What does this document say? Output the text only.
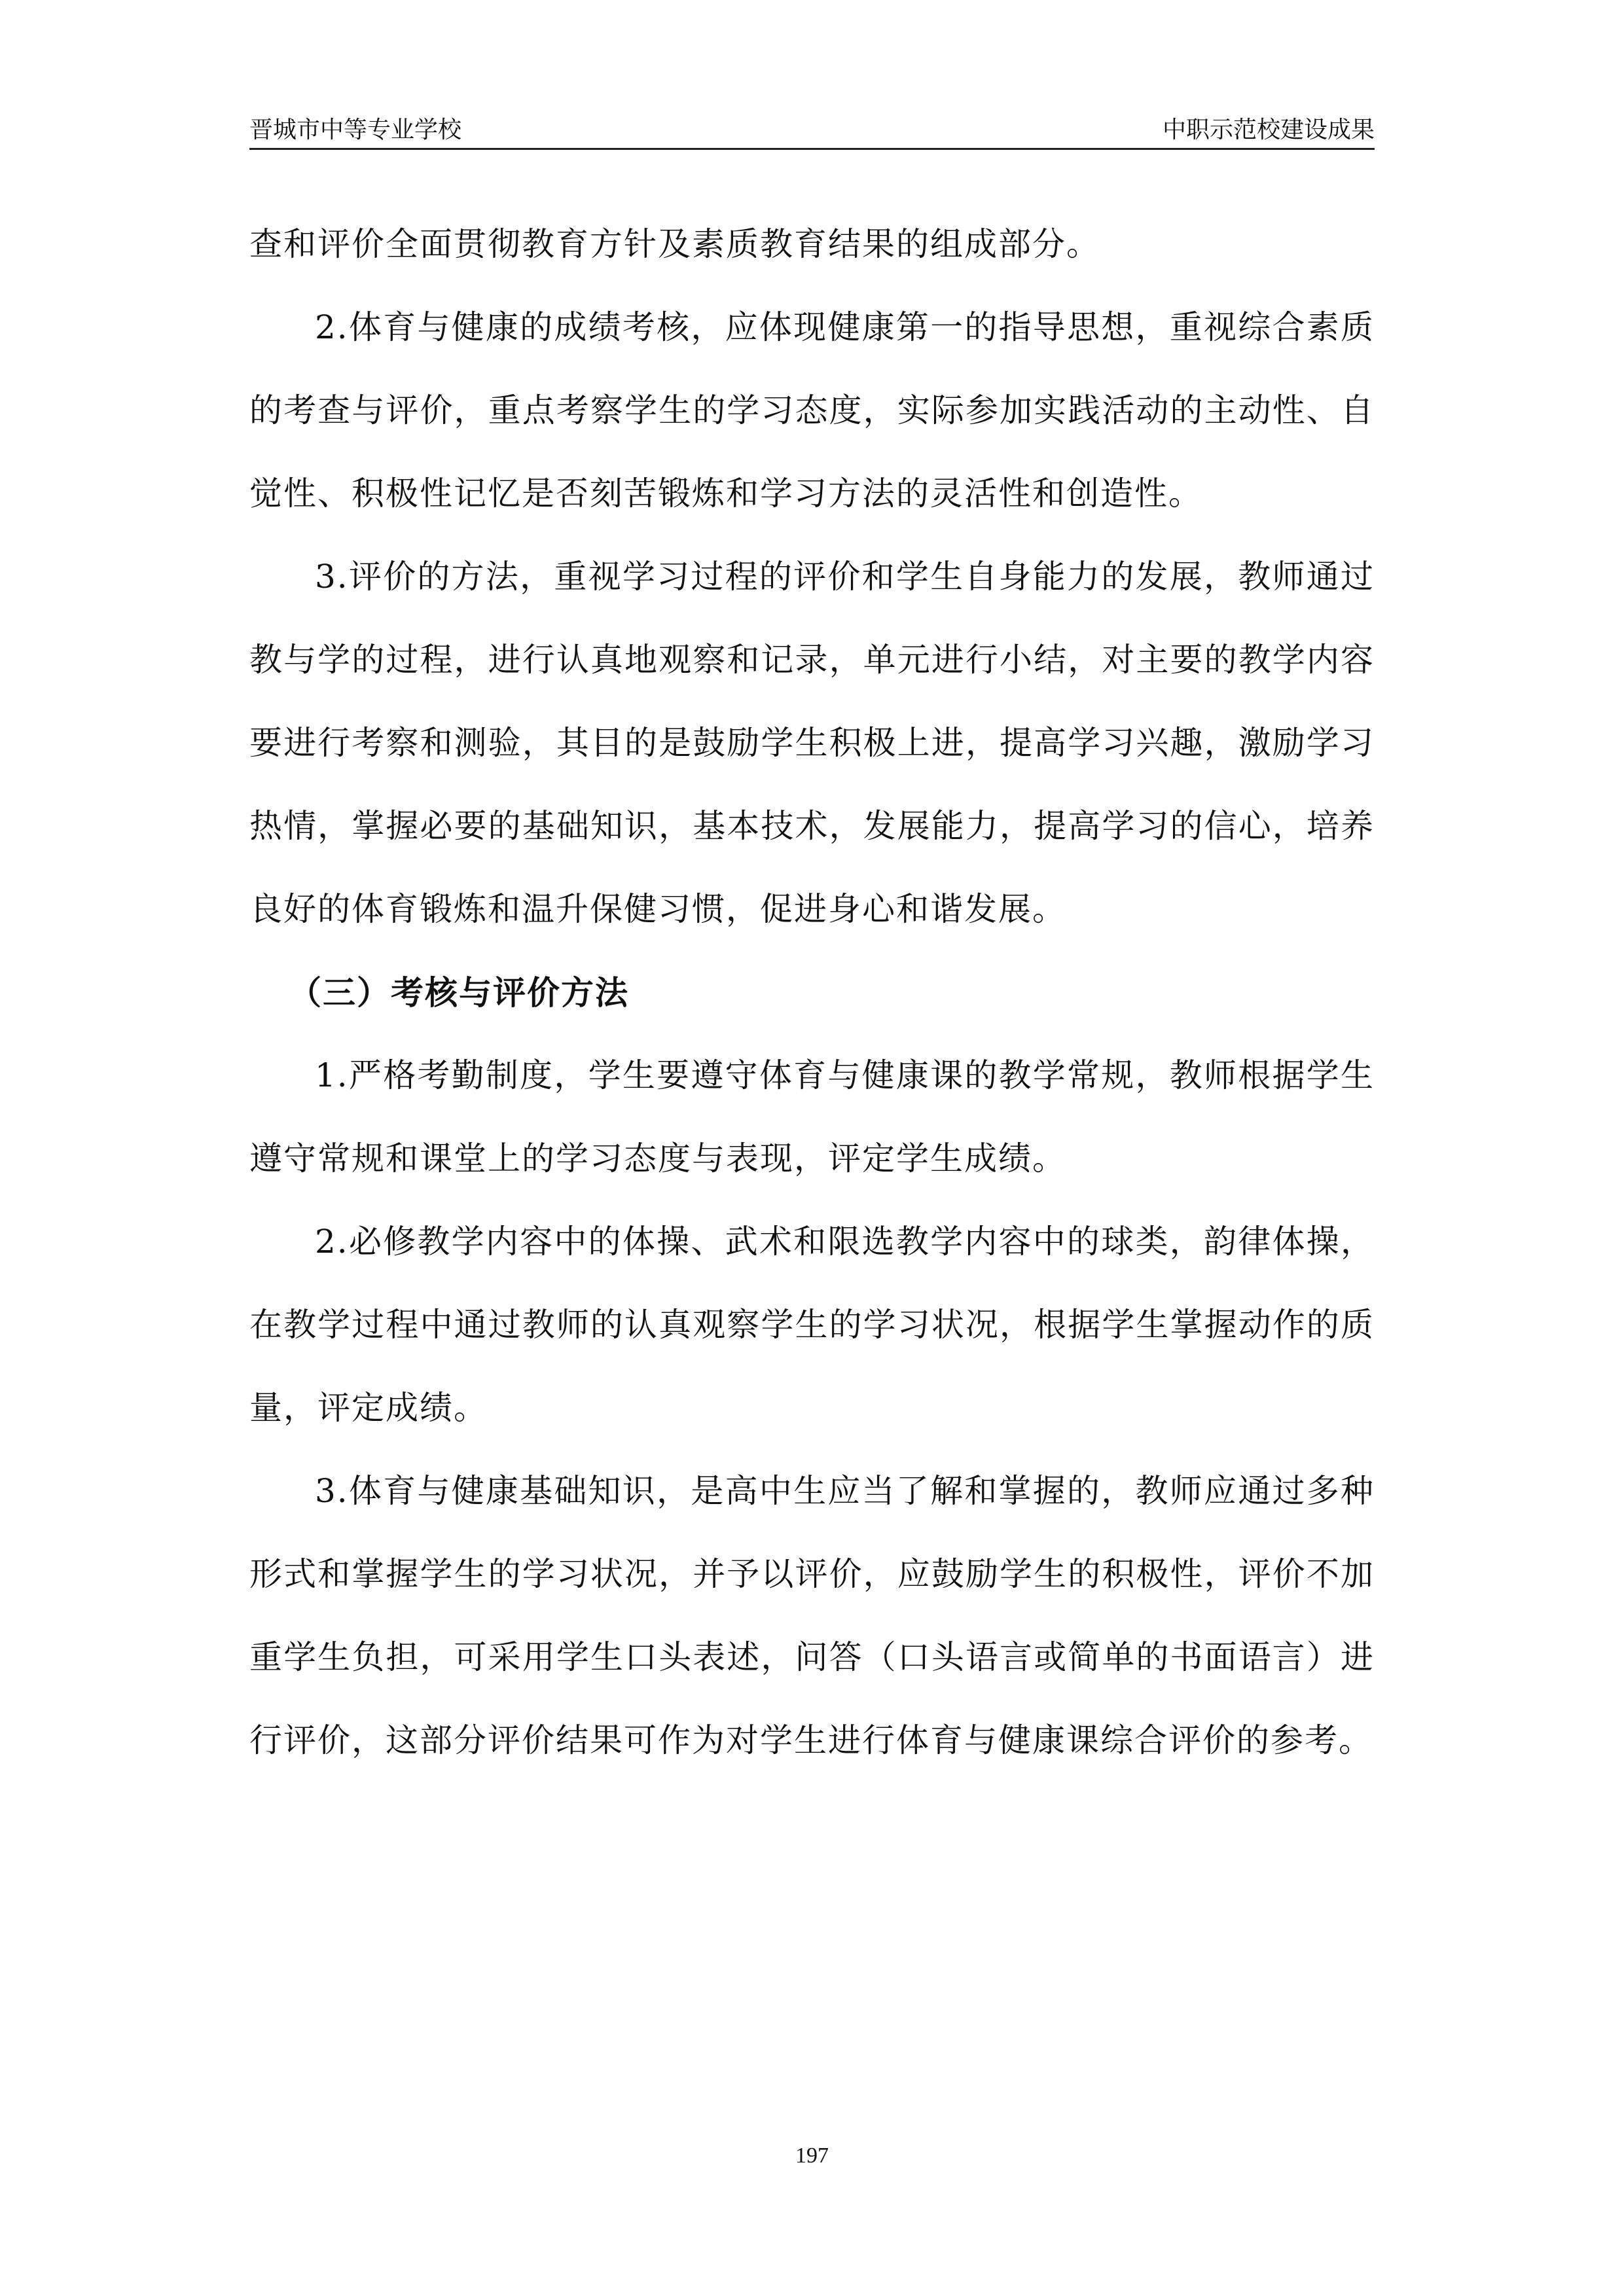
晋城市中等专业学校	中职示范校建设成果

查和评价全面贯彻教育方针及素质教育结果的组成部分。

2.体育与健康的成绩考核，应体现健康第一的指导思想，重视综合素质的考查与评价，重点考察学生的学习态度，实际参加实践活动的主动性、自觉性、积极性记忆是否刻苦锻炼和学习方法的灵活性和创造性。

3.评价的方法，重视学习过程的评价和学生自身能力的发展，教师通过教与学的过程，进行认真地观察和记录，单元进行小结，对主要的教学内容要进行考察和测验，其目的是鼓励学生积极上进，提高学习兴趣，激励学习热情，掌握必要的基础知识，基本技术，发展能力，提高学习的信心，培养良好的体育锻炼和温升保健习惯，促进身心和谐发展。

（三）考核与评价方法

1.严格考勤制度，学生要遵守体育与健康课的教学常规，教师根据学生遵守常规和课堂上的学习态度与表现，评定学生成绩。

2.必修教学内容中的体操、武术和限选教学内容中的球类，韵律体操，在教学过程中通过教师的认真观察学生的学习状况，根据学生掌握动作的质量，评定成绩。

3.体育与健康基础知识，是高中生应当了解和掌握的，教师应通过多种形式和掌握学生的学习状况，并予以评价，应鼓励学生的积极性，评价不加重学生负担，可采用学生口头表述，问答（口头语言或简单的书面语言）进行评价，这部分评价结果可作为对学生进行体育与健康课综合评价的参考。

197
